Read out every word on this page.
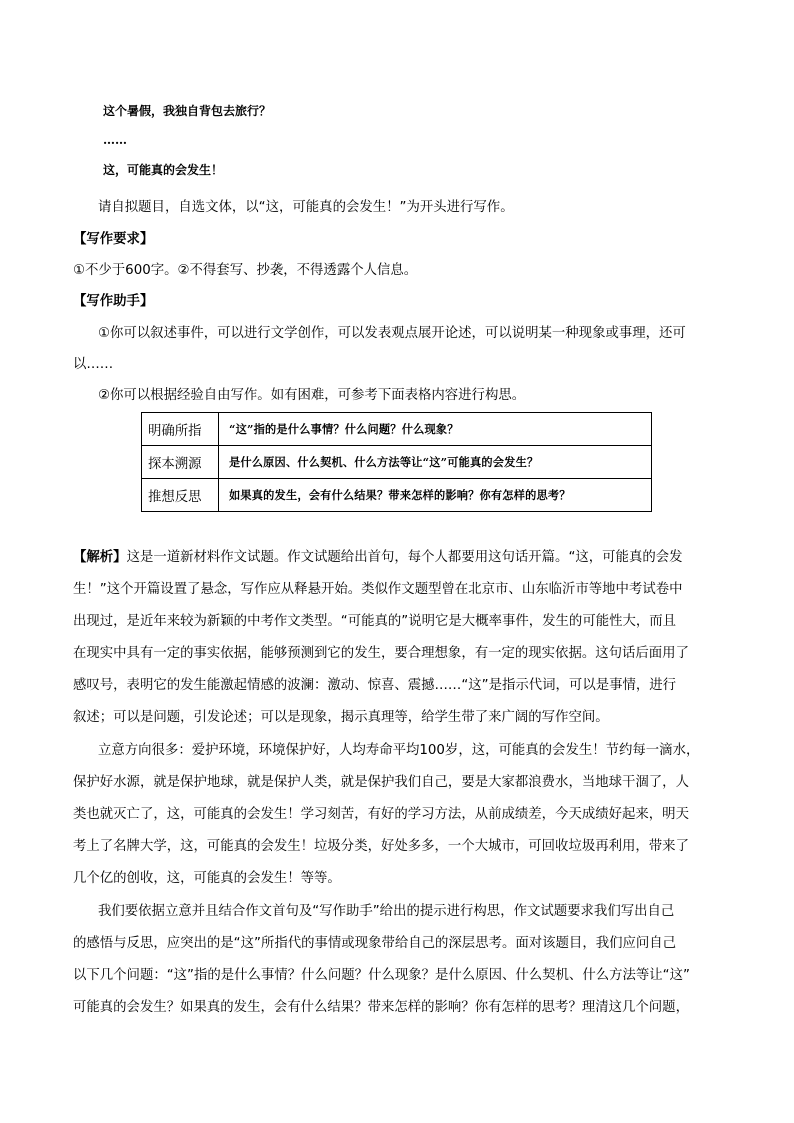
这个暑假，我独自背包去旅行？
……
这，可能真的会发生！
请自拟题目，自选文体，以“这，可能真的会发生！”为开头进行写作。
【写作要求】
①不少于600字。②不得套写、抄袭，不得透露个人信息。
【写作助手】
①你可以叙述事件，可以进行文学创作，可以发表观点展开论述，可以说明某一种现象或事理，还可
以……
②你可以根据经验自由写作。如有困难，可参考下面表格内容进行构思。
明确所指	“这”指的是什么事情？什么问题？什么现象？
探本溯源	是什么原因、什么契机、什么方法等让“这”可能真的会发生？
推想反思	如果真的发生，会有什么结果？带来怎样的影响？你有怎样的思考？
【解析】这是一道新材料作文试题。作文试题给出首句，每个人都要用这句话开篇。“这，可能真的会发
生！”这个开篇设置了悬念，写作应从释悬开始。类似作文题型曾在北京市、山东临沂市等地中考试卷中
出现过，是近年来较为新颖的中考作文类型。“可能真的”说明它是大概率事件，发生的可能性大，而且
在现实中具有一定的事实依据，能够预测到它的发生，要合理想象，有一定的现实依据。这句话后面用了
感叹号，表明它的发生能激起情感的波澜：激动、惊喜、震撼……“这”是指示代词，可以是事情，进行
叙述；可以是问题，引发论述；可以是现象，揭示真理等，给学生带了来广阔的写作空间。
立意方向很多：爱护环境，环境保护好，人均寿命平均100岁，这，可能真的会发生！节约每一滴水，
保护好水源，就是保护地球，就是保护人类，就是保护我们自己，要是大家都浪费水，当地球干涸了，人
类也就灭亡了，这，可能真的会发生！学习刻苦，有好的学习方法，从前成绩差，今天成绩好起来，明天
考上了名牌大学，这，可能真的会发生！垃圾分类，好处多多，一个大城市，可回收垃圾再利用，带来了
几个亿的创收，这，可能真的会发生！等等。
我们要依据立意并且结合作文首句及“写作助手”给出的提示进行构思，作文试题要求我们写出自己
的感悟与反思，应突出的是“这”所指代的事情或现象带给自己的深层思考。面对该题目，我们应问自己
以下几个问题：“这”指的是什么事情？什么问题？什么现象？是什么原因、什么契机、什么方法等让“这”
可能真的会发生？如果真的发生，会有什么结果？带来怎样的影响？你有怎样的思考？理清这几个问题，
